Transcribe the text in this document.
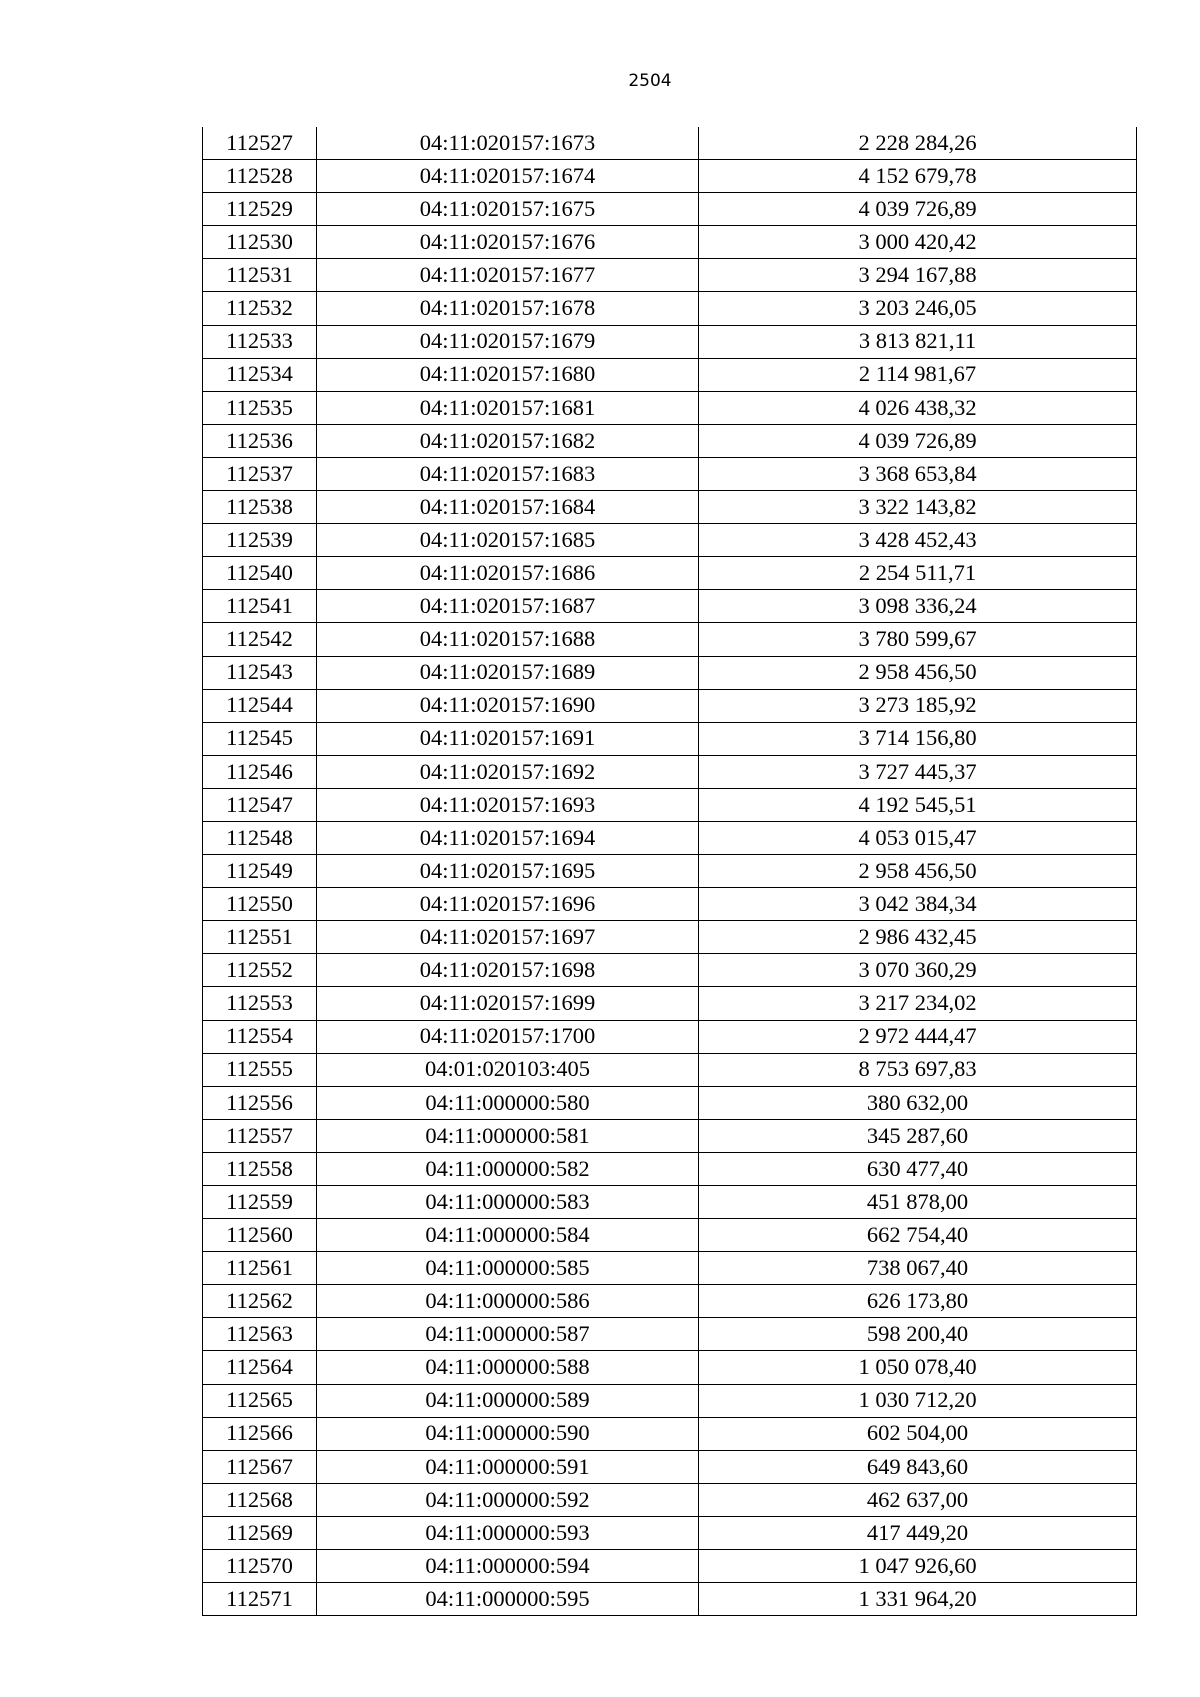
2504
112527	04:11:020157:1673	2 228 284,26
112528	04:11:020157:1674	4 152 679,78
112529	04:11:020157:1675	4 039 726,89
112530	04:11:020157:1676	3 000 420,42
112531	04:11:020157:1677	3 294 167,88
112532	04:11:020157:1678	3 203 246,05
112533	04:11:020157:1679	3 813 821,11
112534	04:11:020157:1680	2 114 981,67
112535	04:11:020157:1681	4 026 438,32
112536	04:11:020157:1682	4 039 726,89
112537	04:11:020157:1683	3 368 653,84
112538	04:11:020157:1684	3 322 143,82
112539	04:11:020157:1685	3 428 452,43
112540	04:11:020157:1686	2 254 511,71
112541	04:11:020157:1687	3 098 336,24
112542	04:11:020157:1688	3 780 599,67
112543	04:11:020157:1689	2 958 456,50
112544	04:11:020157:1690	3 273 185,92
112545	04:11:020157:1691	3 714 156,80
112546	04:11:020157:1692	3 727 445,37
112547	04:11:020157:1693	4 192 545,51
112548	04:11:020157:1694	4 053 015,47
112549	04:11:020157:1695	2 958 456,50
112550	04:11:020157:1696	3 042 384,34
112551	04:11:020157:1697	2 986 432,45
112552	04:11:020157:1698	3 070 360,29
112553	04:11:020157:1699	3 217 234,02
112554	04:11:020157:1700	2 972 444,47
112555	04:01:020103:405	8 753 697,83
112556	04:11:000000:580	380 632,00
112557	04:11:000000:581	345 287,60
112558	04:11:000000:582	630 477,40
112559	04:11:000000:583	451 878,00
112560	04:11:000000:584	662 754,40
112561	04:11:000000:585	738 067,40
112562	04:11:000000:586	626 173,80
112563	04:11:000000:587	598 200,40
112564	04:11:000000:588	1 050 078,40
112565	04:11:000000:589	1 030 712,20
112566	04:11:000000:590	602 504,00
112567	04:11:000000:591	649 843,60
112568	04:11:000000:592	462 637,00
112569	04:11:000000:593	417 449,20
112570	04:11:000000:594	1 047 926,60
112571	04:11:000000:595	1 331 964,20
